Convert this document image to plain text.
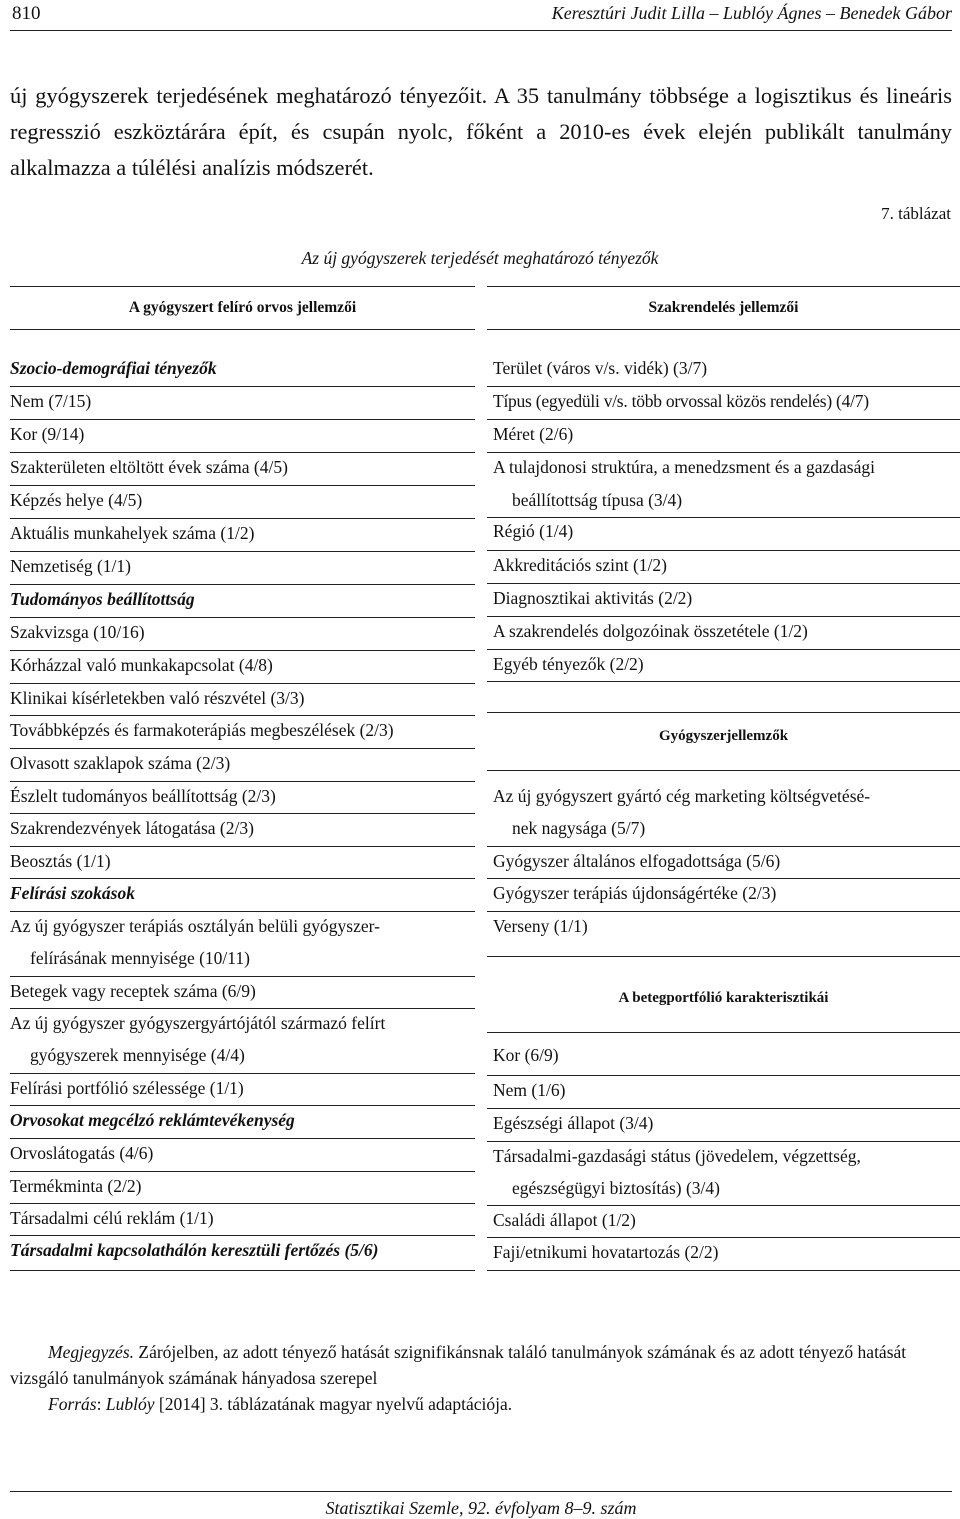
810	Keresztúri Judit Lilla – Lublóy Ágnes – Benedek Gábor
új gyógyszerek terjedésének meghatározó tényezőit. A 35 tanulmány többsége a logisztikus és lineáris regresszió eszköztárára épít, és csupán nyolc, főként a 2010-es évek elején publikált tanulmány alkalmazza a túlélési analízis módszerét.
7. táblázat
Az új gyógyszerek terjedését meghatározó tényezők
A gyógyszert felíró orvos jellemzői	Szakrendelés jellemzői
Szocio-demográfiai tényezők
Nem (7/15)
Kor (9/14)
Szakterületen eltöltött évek száma (4/5)
Képzés helye (4/5)
Aktuális munkahelyek száma (1/2)
Nemzetiség (1/1)
Tudományos beállítottság
Szakvizsga (10/16)
Kórházzal való munkakapcsolat (4/8)
Klinikai kísérletekben való részvétel (3/3)
Továbbképzés és farmakoterápiás megbeszélések (2/3)
Olvasott szaklapok száma (2/3)
Észlelt tudományos beállítottság (2/3)
Szakrendezvények látogatása (2/3)
Beosztás (1/1)
Felírási szokások
Az új gyógyszer terápiás osztályán belüli gyógyszer-
felírásának mennyisége (10/11)
Betegek vagy receptek száma (6/9)
Az új gyógyszer gyógyszergyártójától származó felírt
gyógyszerek mennyisége (4/4)
Felírási portfólió szélessége (1/1)
Orvosokat megcélzó reklámtevékenység
Orvoslátogatás (4/6)
Termékminta (2/2)
Társadalmi célú reklám (1/1)
Társadalmi kapcsolathálón keresztüli fertőzés (5/6)
Terület (város v/s. vidék) (3/7)
Típus (egyedüli v/s. több orvossal közös rendelés) (4/7)
Méret (2/6)
A tulajdonosi struktúra, a menedzsment és a gazdasági
beállítottság típusa (3/4)
Régió (1/4)
Akkreditációs szint (1/2)
Diagnosztikai aktivitás (2/2)
A szakrendelés dolgozóinak összetétele (1/2)
Egyéb tényezők (2/2)
Gyógyszerjellemzők
Az új gyógyszert gyártó cég marketing költségvetésé-
nek nagysága (5/7)
Gyógyszer általános elfogadottsága (5/6)
Gyógyszer terápiás újdonságértéke (2/3)
Verseny (1/1)
A betegportfólió karakterisztikái
Kor (6/9)
Nem (1/6)
Egészségi állapot (3/4)
Társadalmi-gazdasági státus (jövedelem, végzettség,
egészségügyi biztosítás) (3/4)
Családi állapot (1/2)
Faji/etnikumi hovatartozás (2/2)
Megjegyzés. Zárójelben, az adott tényező hatását szignifikánsnak találó tanulmányok számának és az adott tényező hatását vizsgáló tanulmányok számának hányadosa szerepel
Forrás: Lublóy [2014] 3. táblázatának magyar nyelvű adaptációja.
Statisztikai Szemle, 92. évfolyam 8–9. szám
